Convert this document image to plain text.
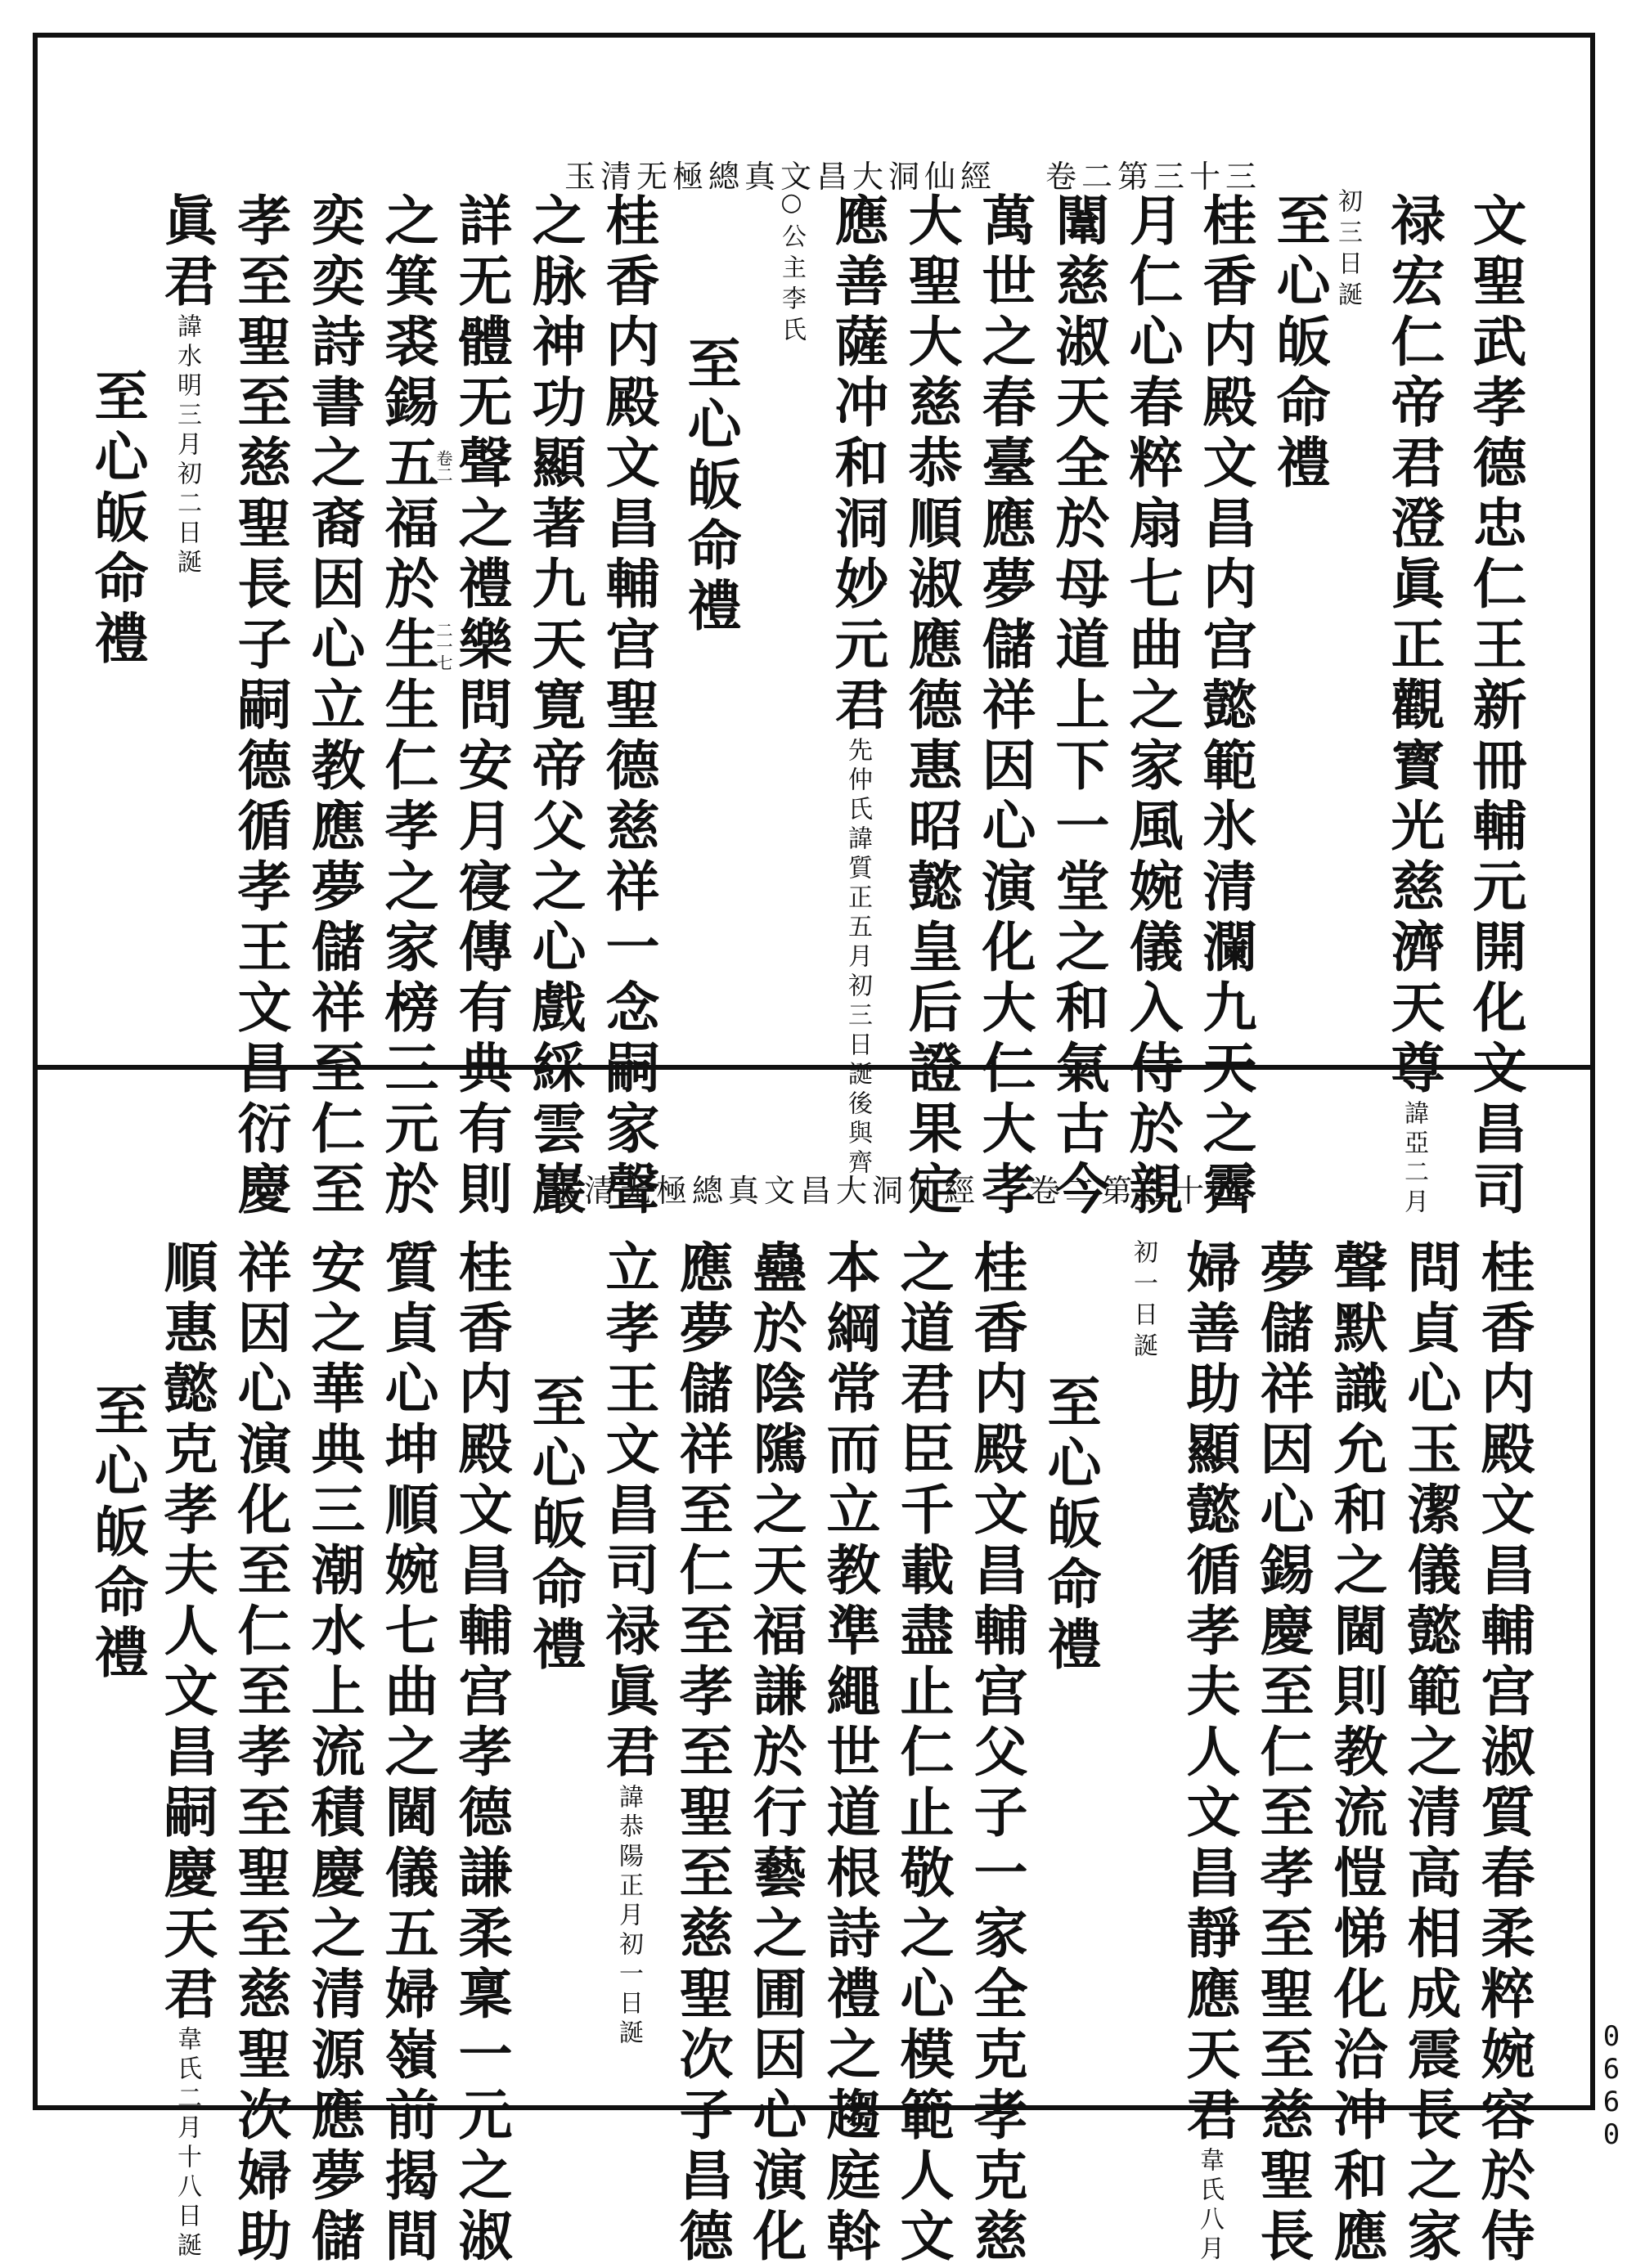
玉清无極總真文昌大洞仙經 卷二第三十三
文聖武孝德忠仁王新冊輔元開化文昌司
禄宏仁帝君澄眞正觀寳光慈濟天尊諱亞二月
初三日誕
至心皈命禮
桂香内殿文昌内宫懿範氷清瀾九天之霽
月仁心春粹扇七曲之家風婉儀入侍於親
闈慈淑天全於母道上下一堂之和氣古今
萬世之春臺應夢儲祥因心演化大仁大孝
大聖大慈恭順淑應德惠昭懿皇后證果定
應善薩冲和洞妙元君先仲氏諱質正五月初三日誕後與齊
○公主李氏
至心皈命禮
桂香内殿文昌輔宫聖德慈祥一念嗣家聲
之脉神功顯著九天寛帝父之心戲綵雲巖
詳无體无聲之禮樂問安月寑傳有典有則
之箕裘錫五福於生生仁孝之家榜三元於
奕奕詩書之裔因心立教應夢儲祥至仁至
孝至聖至慈聖長子嗣德循孝王文昌衍慶
眞君諱水明三月初二日誕
至心皈命禮	卷二
二一七
玉清无極總真文昌大洞仙經 卷二第三十四
桂香内殿文昌輔宫淑質春柔粹婉容於侍
問貞心玉潔儀懿範之清高相成震長之家
聲默識允和之閫則教流愷悌化洽冲和應
夢儲祥因心錫慶至仁至孝至聖至慈聖長
婦善助顯懿循孝夫人文昌靜應天君韋氏八月
初一日誕
至心皈命禮
桂香内殿文昌輔宫父子一家全克孝克慈
之道君臣千載盡止仁止敬之心模範人文
本綱常而立教準繩世道根詩禮之趨庭斡
蠱於陰隲之天福謙於行藝之圃因心演化
應夢儲祥至仁至孝至聖至慈聖次子昌德
立孝王文昌司禄眞君諱恭陽正月初一日誕
至心皈命禮
桂香内殿文昌輔宫孝德謙柔稟一元之淑
質貞心坤順婉七曲之閫儀五婦嶺前揭間
安之華典三潮水上流積慶之清源應夢儲
祥因心演化至仁至孝至聖至慈聖次婦助
順惠懿克孝夫人文昌嗣慶天君韋氏二月十八日誕
至心皈命禮
0660
